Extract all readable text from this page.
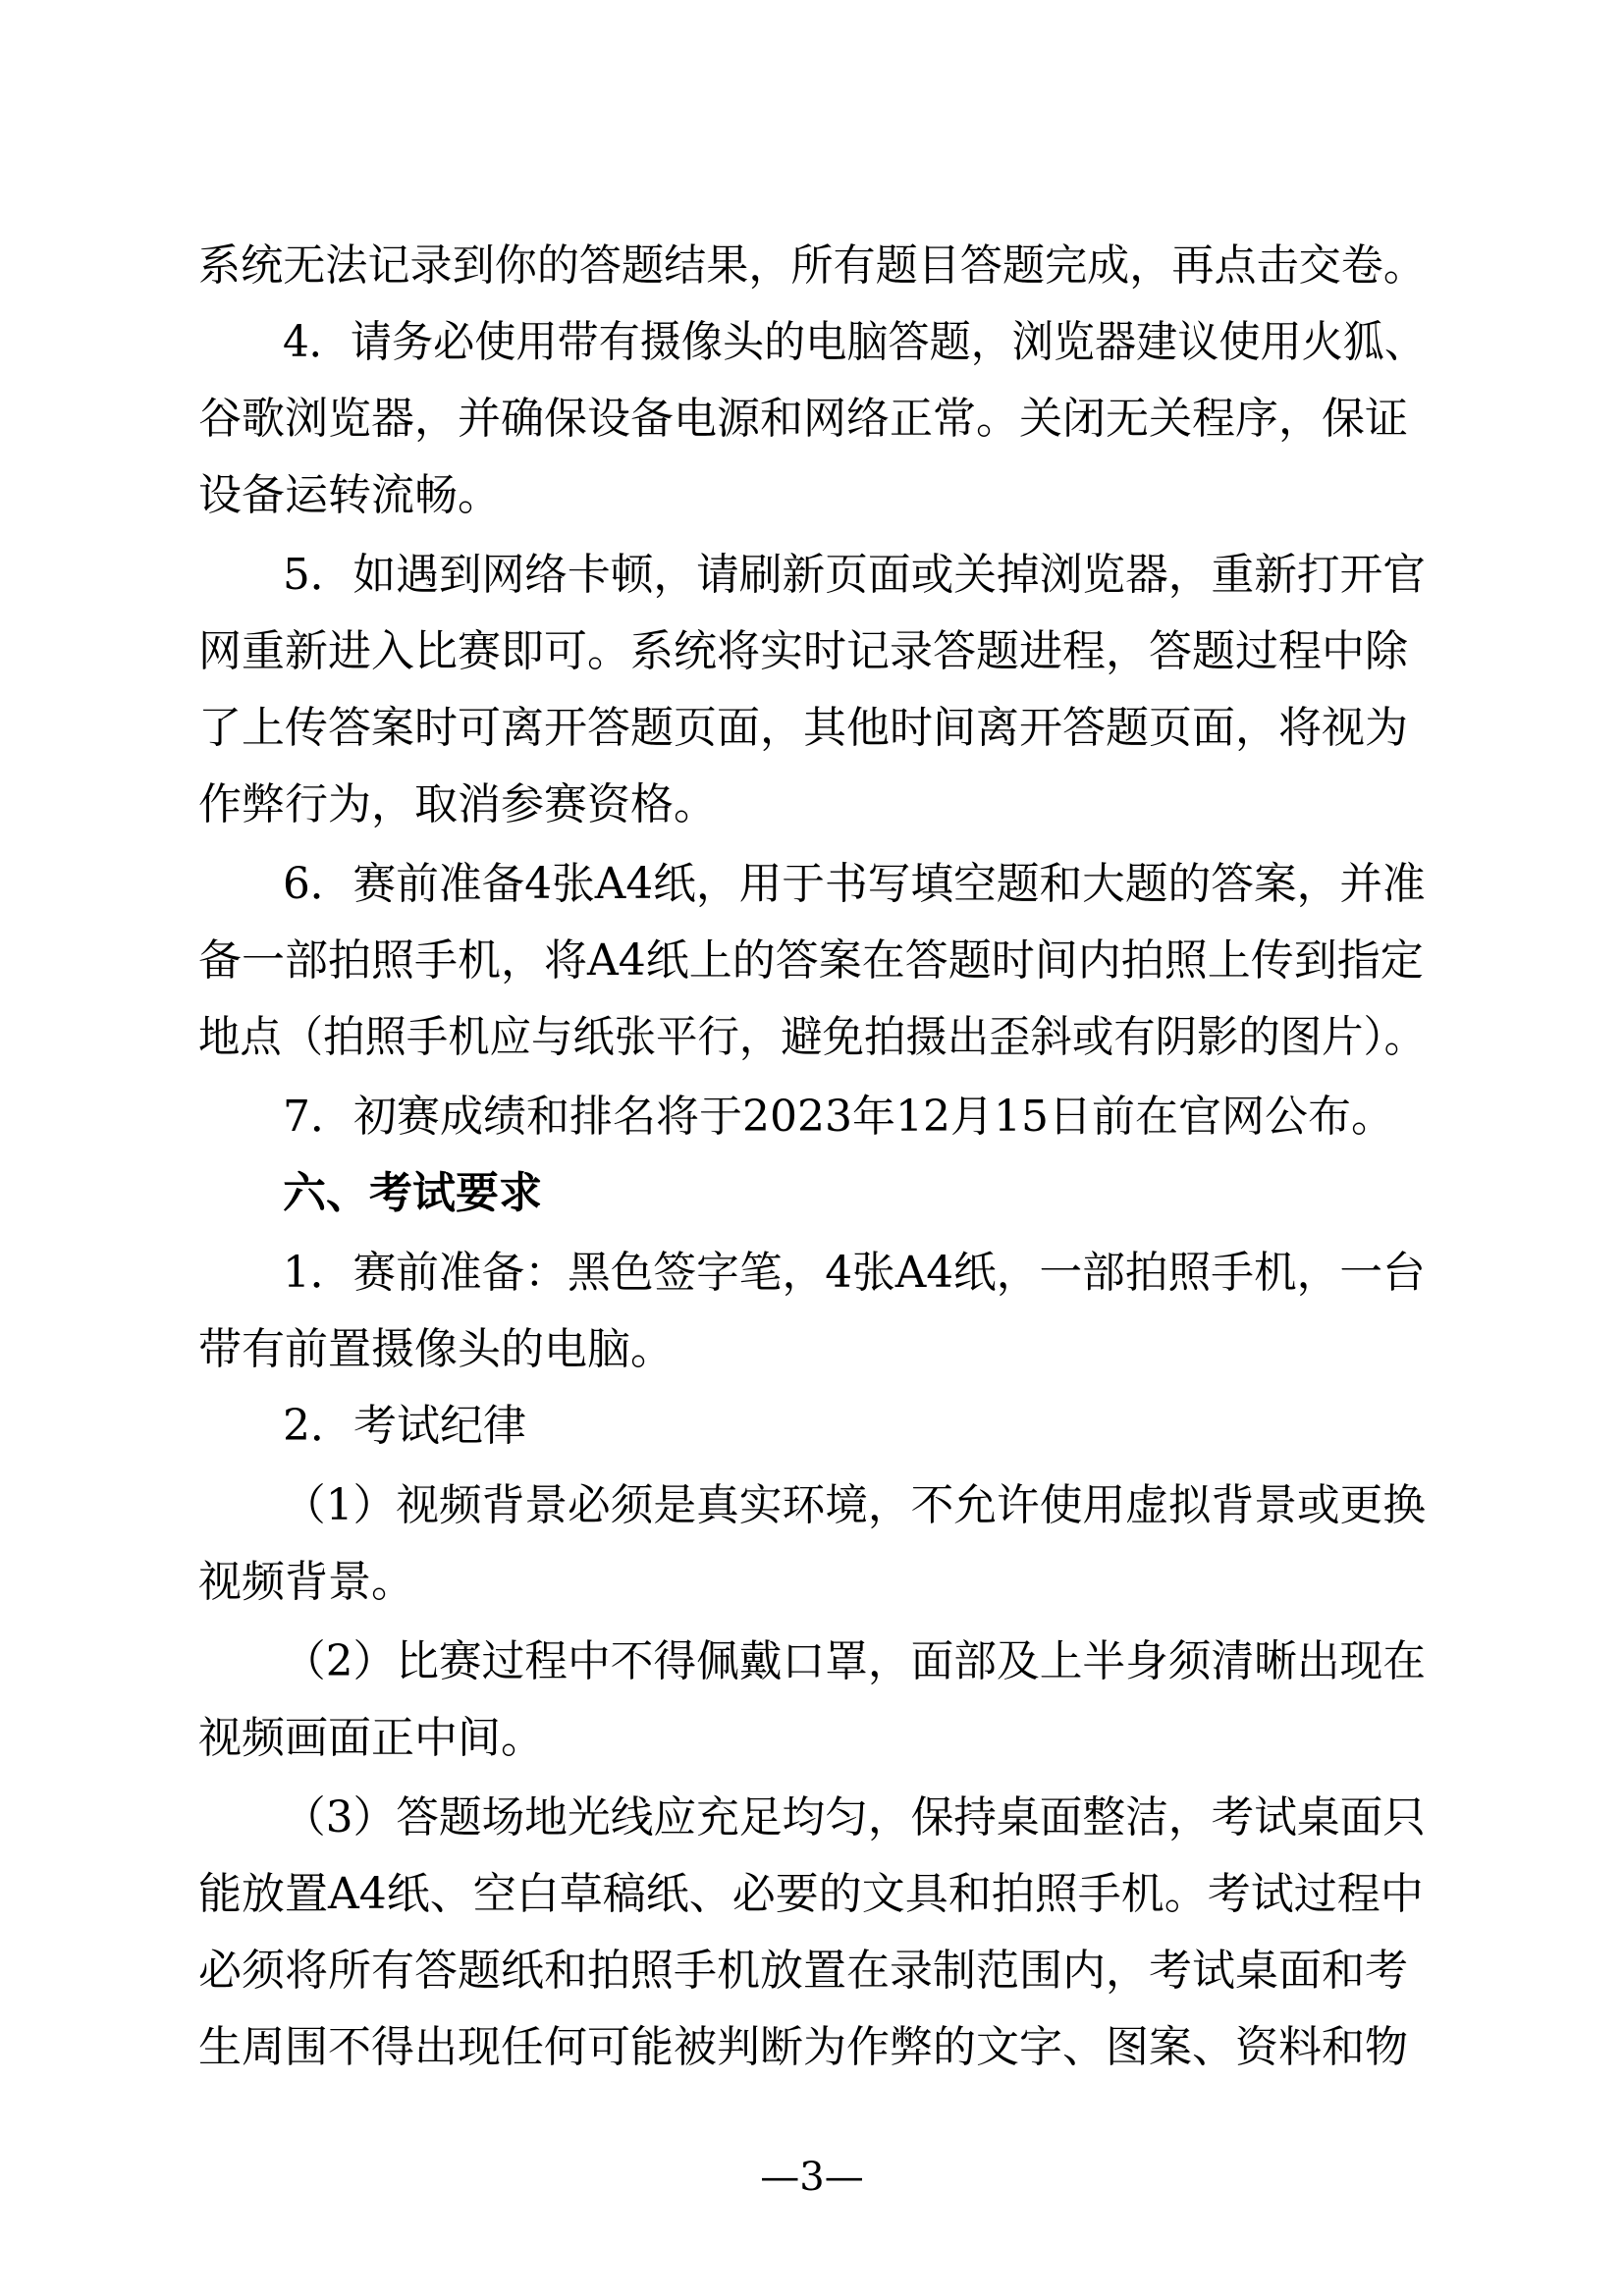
系统无法记录到你的答题结果，所有题目答题完成，再点击交卷。
4．请务必使用带有摄像头的电脑答题，浏览器建议使用火狐、
谷歌浏览器，并确保设备电源和网络正常。关闭无关程序，保证
设备运转流畅。
5．如遇到网络卡顿，请刷新页面或关掉浏览器，重新打开官
网重新进入比赛即可。系统将实时记录答题进程，答题过程中除
了上传答案时可离开答题页面，其他时间离开答题页面，将视为
作弊行为，取消参赛资格。
6．赛前准备4张A4纸，用于书写填空题和大题的答案，并准
备一部拍照手机，将A4纸上的答案在答题时间内拍照上传到指定
地点（拍照手机应与纸张平行，避免拍摄出歪斜或有阴影的图片）。
7．初赛成绩和排名将于2023年12月15日前在官网公布。
六、考试要求
1．赛前准备：黑色签字笔，4张A4纸，一部拍照手机，一台
带有前置摄像头的电脑。
2．考试纪律
（1）视频背景必须是真实环境，不允许使用虚拟背景或更换
视频背景。
（2）比赛过程中不得佩戴口罩，面部及上半身须清晰出现在
视频画面正中间。
（3）答题场地光线应充足均匀，保持桌面整洁，考试桌面只
能放置A4纸、空白草稿纸、必要的文具和拍照手机。考试过程中
必须将所有答题纸和拍照手机放置在录制范围内，考试桌面和考
生周围不得出现任何可能被判断为作弊的文字、图案、资料和物
—3—
